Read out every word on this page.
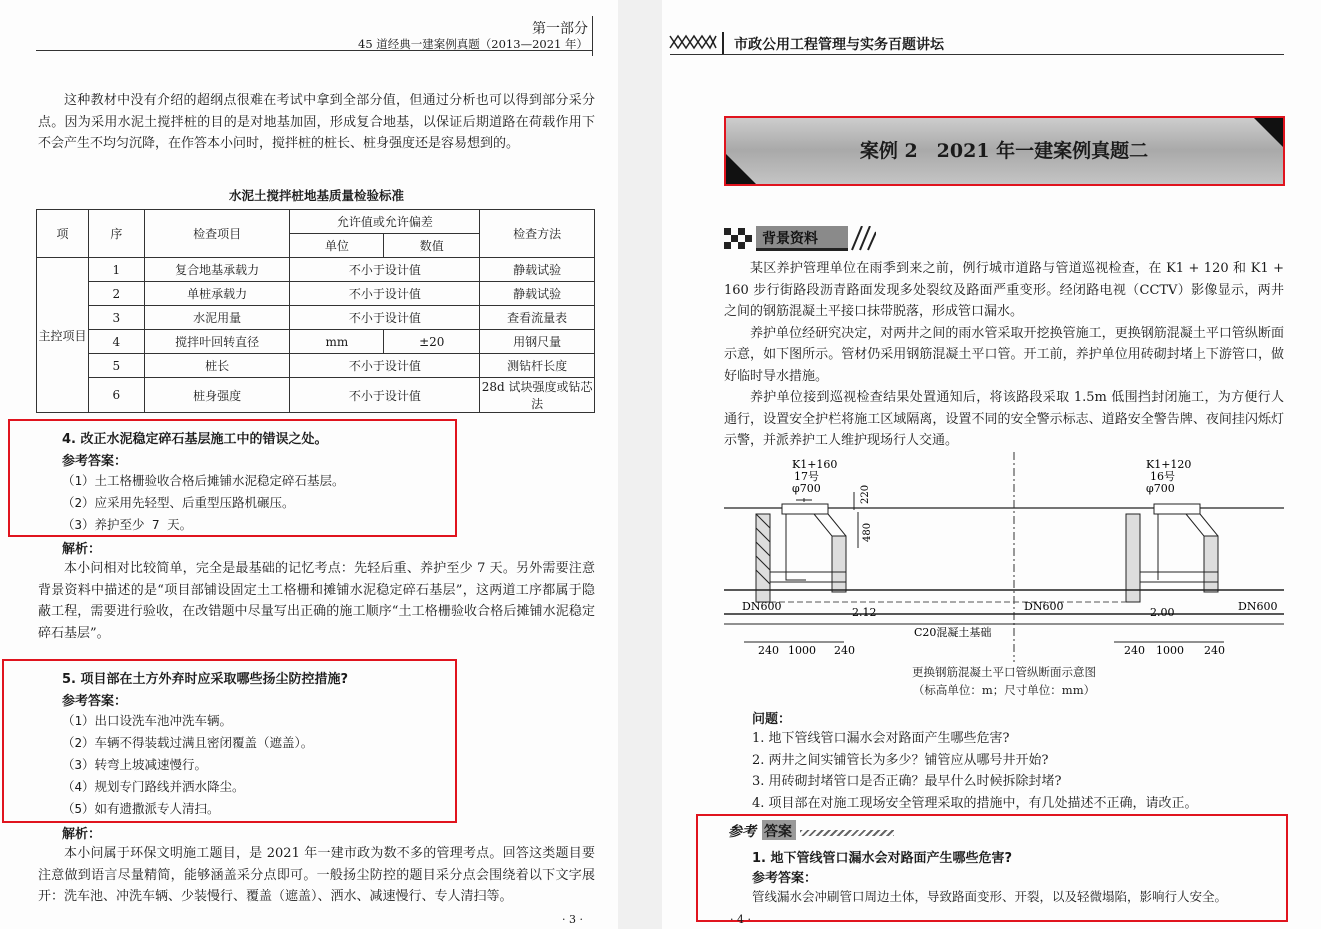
第一部分
45 道经典一建案例真题（2013—2021 年）
这种教材中没有介绍的超纲点很难在考试中拿到全部分值，但通过分析也可以得到部分采分点。因为采用水泥土搅拌桩的目的是对地基加固，形成复合地基，以保证后期道路在荷载作用下不会产生不均匀沉降，在作答本小问时，搅拌桩的桩长、桩身强度还是容易想到的。
水泥土搅拌桩地基质量检验标准
项	序	检查项目	允许值或允许偏差		检查方法
			单位	数值	
主控项目	1	复合地基承载力	不小于设计值		静载试验
	2	单桩承载力	不小于设计值		静载试验
	3	水泥用量	不小于设计值		查看流量表
	4	搅拌叶回转直径	mm	±20	用钢尺量
	5	桩长	不小于设计值		测钻杆长度
	6	桩身强度	不小于设计值		28d 试块强度或钻芯法
4. 改正水泥稳定碎石基层施工中的错误之处。
参考答案：
（1）土工格栅验收合格后摊铺水泥稳定碎石基层。
（2）应采用先轻型、后重型压路机碾压。
（3）养护至少 7 天。
解析：
本小问相对比较简单，完全是最基础的记忆考点：先轻后重、养护至少 7 天。另外需要注意背景资料中描述的是“项目部铺设固定土工格栅和摊铺水泥稳定碎石基层”，这两道工序都属于隐蔽工程，需要进行验收，在改错题中尽量写出正确的施工顺序“土工格栅验收合格后摊铺水泥稳定碎石基层”。
5. 项目部在土方外弃时应采取哪些扬尘防控措施?
参考答案：
（1）出口设洗车池冲洗车辆。
（2）车辆不得装载过满且密闭覆盖（遮盖）。
（3）转弯上坡减速慢行。
（4）规划专门路线并洒水降尘。
（5）如有遗撒派专人清扫。
解析：
本小问属于环保文明施工题目，是 2021 年一建市政为数不多的管理考点。回答这类题目要注意做到语言尽量精简，能够涵盖采分点即可。一般扬尘防控的题目采分点会围绕着以下文字展开：洗车池、冲洗车辆、少装慢行、覆盖（遮盖）、洒水、减速慢行、专人清扫等。
· 3 ·
市政公用工程管理与实务百题讲坛
案例 2　2021 年一建案例真题二
背景资料
某区养护管理单位在雨季到来之前，例行城市道路与管道巡视检查，在 K1 + 120 和 K1 + 160 步行街路段沥青路面发现多处裂纹及路面严重变形。经闭路电视（CCTV）影像显示，两井之间的钢筋混凝土平接口抹带脱落，形成管口漏水。
养护单位经研究决定，对两井之间的雨水管采取开挖换管施工，更换钢筋混凝土平口管纵断面示意，如下图所示。管材仍采用钢筋混凝土平口管。开工前，养护单位用砖砌封堵上下游管口，做好临时导水措施。
养护单位接到巡视检查结果处置通知后，将该路段采取 1.5m 低围挡封闭施工，为方便行人通行，设置安全护栏将施工区域隔离，设置不同的安全警示标志、道路安全警告牌、夜间挂闪烁灯示警，并派养护工人维护现场行人交通。
K1+160
17号
φ700
K1+120
16号
φ700
220
480
DN600	DN600	DN600
2.12	2.00
C20混凝土基础
240 1000 240	240 1000 240
更换钢筋混凝土平口管纵断面示意图
（标高单位：m；尺寸单位：mm）
问题：
1. 地下管线管口漏水会对路面产生哪些危害?
2. 两井之间实铺管长为多少？铺管应从哪号井开始?
3. 用砖砌封堵管口是否正确？最早什么时候拆除封堵?
4. 项目部在对施工现场安全管理采取的措施中，有几处描述不正确，请改正。
参考 答案
1. 地下管线管口漏水会对路面产生哪些危害?
参考答案：
管线漏水会冲刷管口周边土体，导致路面变形、开裂，以及轻微塌陷，影响行人安全。
· 4 ·
